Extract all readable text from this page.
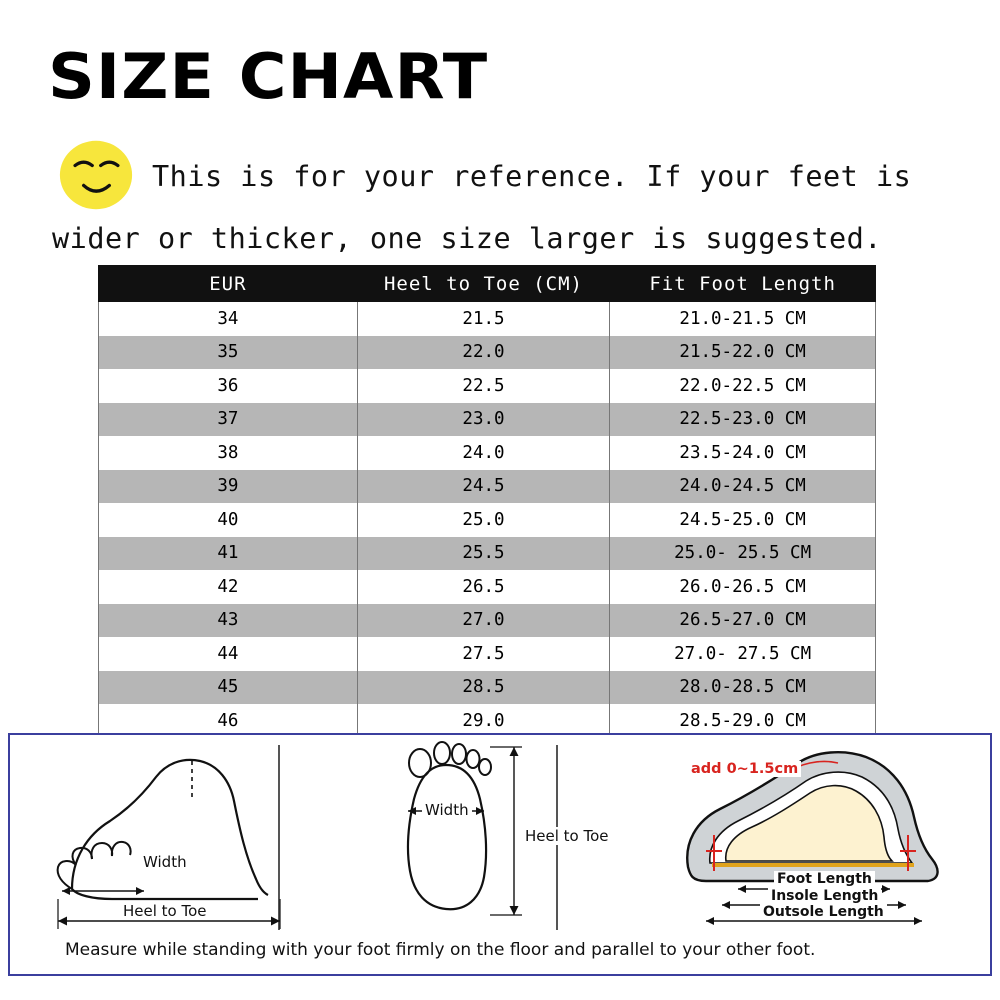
SIZE CHART
This is for your reference. If your feet is
wider or thicker, one size larger is suggested.
EUR	Heel to Toe (CM)	Fit Foot Length
34	21.5	21.0-21.5 CM
35	22.0	21.5-22.0 CM
36	22.5	22.0-22.5 CM
37	23.0	22.5-23.0 CM
38	24.0	23.5-24.0 CM
39	24.5	24.0-24.5 CM
40	25.0	24.5-25.0 CM
41	25.5	25.0- 25.5 CM
42	26.5	26.0-26.5 CM
43	27.0	26.5-27.0 CM
44	27.5	27.0- 27.5 CM
45	28.5	28.0-28.5 CM
46	29.0	28.5-29.0 CM

Width
Heel to Toe
Width
Heel to Toe
add 0~1.5cm
Foot Length
Insole Length
Outsole Length
Measure while standing with your foot firmly on the floor and parallel to your other foot.
